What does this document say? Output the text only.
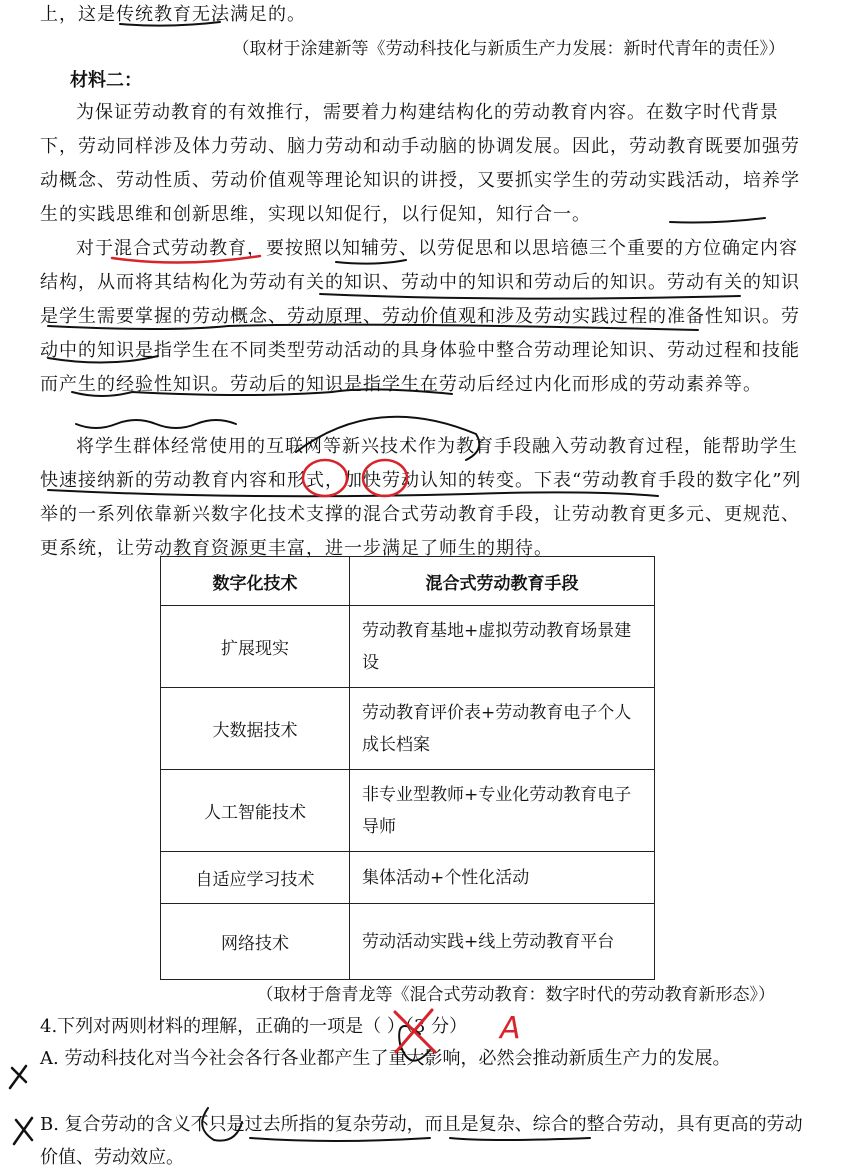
上，这是传统教育无法满足的。
（取材于涂建新等《劳动科技化与新质生产力发展：新时代青年的责任》）
材料二：
为保证劳动教育的有效推行，需要着力构建结构化的劳动教育内容。在数字时代背景下，劳动同样涉及体力劳动、脑力劳动和动手动脑的协调发展。因此，劳动教育既要加强劳动概念、劳动性质、劳动价值观等理论知识的讲授，又要抓实学生的劳动实践活动，培养学生的实践思维和创新思维，实现以知促行，以行促知，知行合一。
对于混合式劳动教育，要按照以知辅劳、以劳促思和以思培德三个重要的方位确定内容结构，从而将其结构化为劳动有关的知识、劳动中的知识和劳动后的知识。劳动有关的知识是学生需要掌握的劳动概念、劳动原理、劳动价值观和涉及劳动实践过程的准备性知识。劳动中的知识是指学生在不同类型劳动活动的具身体验中整合劳动理论知识、劳动过程和技能而产生的经验性知识。劳动后的知识是指学生在劳动后经过内化而形成的劳动素养等。
将学生群体经常使用的互联网等新兴技术作为教育手段融入劳动教育过程，能帮助学生快速接纳新的劳动教育内容和形式，加快劳动认知的转变。下表“劳动教育手段的数字化”列举的一系列依靠新兴数字化技术支撑的混合式劳动教育手段，让劳动教育更多元、更规范、更系统，让劳动教育资源更丰富，进一步满足了师生的期待。
数字化技术	混合式劳动教育手段
扩展现实	劳动教育基地+虚拟劳动教育场景建设
大数据技术	劳动教育评价表+劳动教育电子个人成长档案
人工智能技术	非专业型教师+专业化劳动教育电子导师
自适应学习技术	集体活动+个性化活动
网络技术	劳动活动实践+线上劳动教育平台
（取材于詹青龙等《混合式劳动教育：数字时代的劳动教育新形态》）
4.下列对两则材料的理解，正确的一项是（ ）（3 分）
A. 劳动科技化对当今社会各行各业都产生了重大影响，必然会推动新质生产力的发展。
B. 复合劳动的含义不只是过去所指的复杂劳动，而且是复杂、综合的整合劳动，具有更高的劳动价值、劳动效应。
A
